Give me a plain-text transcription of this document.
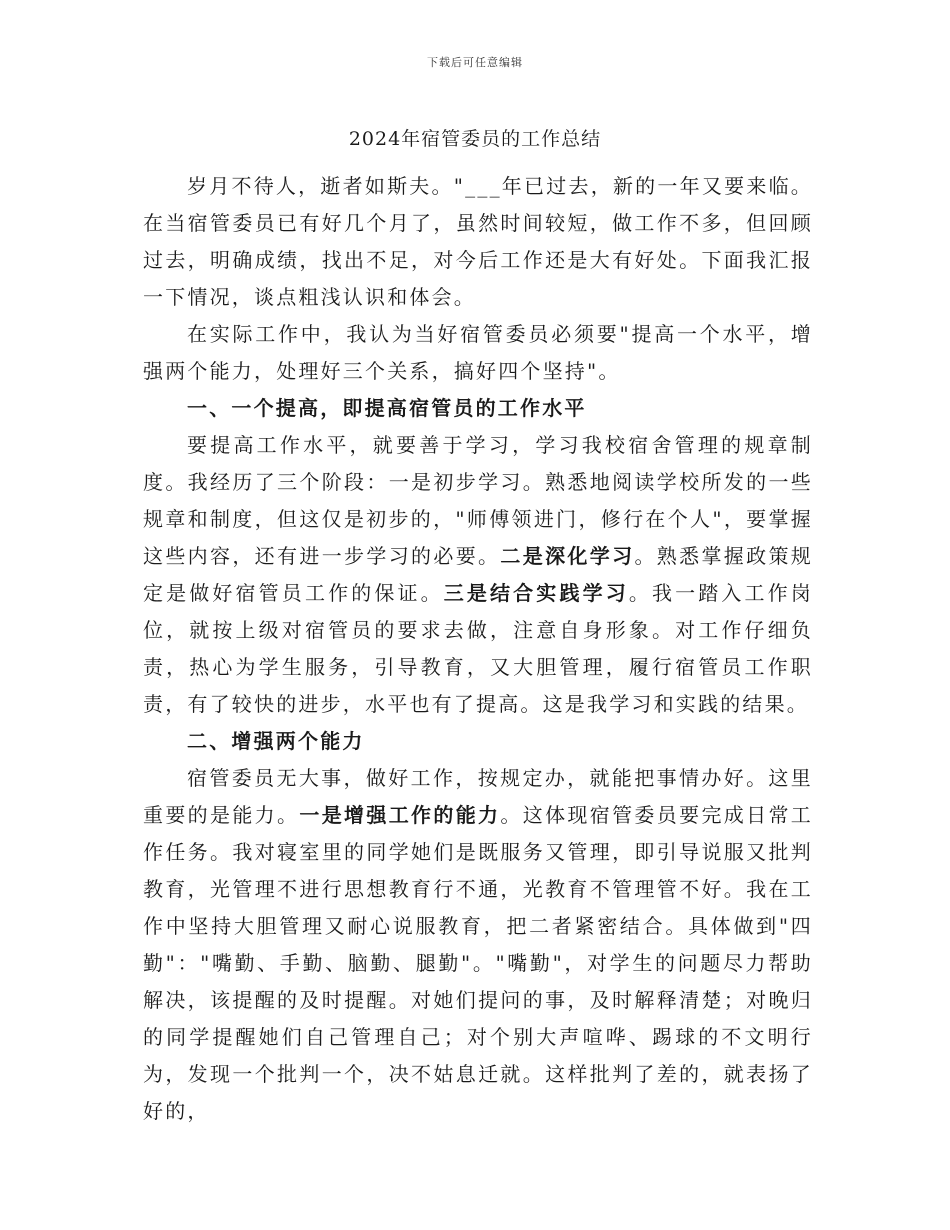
下载后可任意编辑
2024年宿管委员的工作总结

岁月不待人，逝者如斯夫。"___年已过去，新的一年又要来临。在当宿管委员已有好几个月了，虽然时间较短，做工作不多，但回顾过去，明确成绩，找出不足，对今后工作还是大有好处。下面我汇报一下情况，谈点粗浅认识和体会。

在实际工作中，我认为当好宿管委员必须要"提高一个水平，增强两个能力，处理好三个关系，搞好四个坚持"。

一、一个提高，即提高宿管员的工作水平

要提高工作水平，就要善于学习，学习我校宿舍管理的规章制度。我经历了三个阶段：一是初步学习。熟悉地阅读学校所发的一些规章和制度，但这仅是初步的，"师傅领进门，修行在个人"，要掌握这些内容，还有进一步学习的必要。二是深化学习。熟悉掌握政策规定是做好宿管员工作的保证。三是结合实践学习。我一踏入工作岗位，就按上级对宿管员的要求去做，注意自身形象。对工作仔细负责，热心为学生服务，引导教育，又大胆管理，履行宿管员工作职责，有了较快的进步，水平也有了提高。这是我学习和实践的结果。

二、增强两个能力

宿管委员无大事，做好工作，按规定办，就能把事情办好。这里重要的是能力。一是增强工作的能力。这体现宿管委员要完成日常工作任务。我对寝室里的同学她们是既服务又管理，即引导说服又批判教育，光管理不进行思想教育行不通，光教育不管理管不好。我在工作中坚持大胆管理又耐心说服教育，把二者紧密结合。具体做到"四勤"："嘴勤、手勤、脑勤、腿勤"。"嘴勤"，对学生的问题尽力帮助解决，该提醒的及时提醒。对她们提问的事，及时解释清楚；对晚归的同学提醒她们自己管理自己；对个别大声喧哗、踢球的不文明行为，发现一个批判一个，决不姑息迁就。这样批判了差的，就表扬了好的，
